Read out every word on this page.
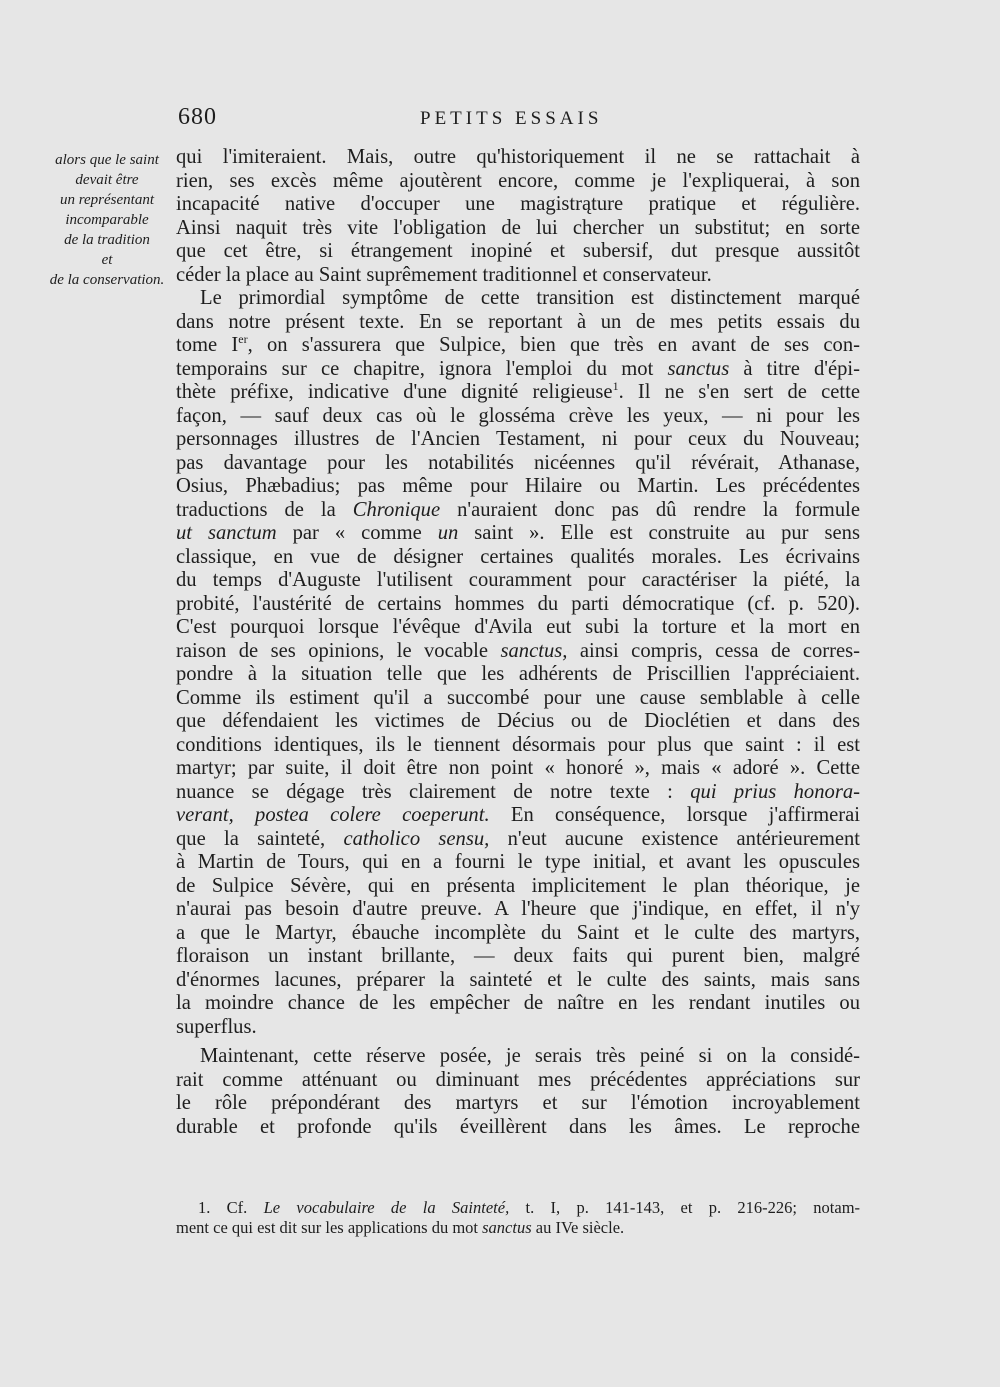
680	PETITS ESSAIS
alors que le saint
devait être
un représentant
incomparable
de la tradition
et
de la conservation.
qui l'imiteraient. Mais, outre qu'historiquement il ne se rattachait à
rien, ses excès même ajoutèrent encore, comme je l'expliquerai, à son
incapacité native d'occuper une magistrąture pratique et régulière.
Ainsi naquit très vite l'obligation de lui chercher un substitut; en sorte
que cet être, si étrangement inopiné et subersif, dut presque aussitôt
céder la place au Saint suprêmement traditionnel et conservateur.
Le primordial symptôme de cette transition est distinctement marqué
dans notre présent texte. En se reportant à un de mes petits essais du
tome Ier, on s'assurera que Sulpice, bien que très en avant de ses con-
temporains sur ce chapitre, ignora l'emploi du mot sanctus à titre d'épi-
thète préfixe, indicative d'une dignité religieuse$^1$. Il ne s'en sert de cette
façon, — sauf deux cas où le glosséma crève les yeux, — ni pour les
personnages illustres de l'Ancien Testament, ni pour ceux du Nouveau;
pas davantage pour les notabilités nicéennes qu'il révérait, Athanase,
Osius, Phæbadius; pas même pour Hilaire ou Martin. Les précédentes
traductions de la Chronique n'auraient donc pas dû rendre la formule
ut sanctum par « comme un saint ». Elle est construite au pur sens
classique, en vue de désigner certaines qualités morales. Les écrivains
du temps d'Auguste l'utilisent couramment pour caractériser la piété, la
probité, l'austérité de certains hommes du parti démocratique (cf. p. 520).
C'est pourquoi lorsque l'évêque d'Avila eut subi la torture et la mort en
raison de ses opinions, le vocable sanctus, ainsi compris, cessa de corres-
pondre à la situation telle que les adhérents de Priscillien l'appréciaient.
Comme ils estiment qu'il a succombé pour une cause semblable à celle
que défendaient les victimes de Décius ou de Dioclétien et dans des
conditions identiques, ils le tiennent désormais pour plus que saint : il est
martyr; par suite, il doit être non point « honoré », mais « adoré ». Cette
nuance se dégage très clairement de notre texte : qui prius honora-
verant, postea colere coeperunt. En conséquence, lorsque j'affirmerai
que la sainteté, catholico sensu, n'eut aucune existence antérieurement
à Martin de Tours, qui en a fourni le type initial, et avant les opuscules
de Sulpice Sévère, qui en présenta implicitement le plan théorique, je
n'aurai pas besoin d'autre preuve. A l'heure que j'indique, en effet, il n'y
a que le Martyr, ébauche incomplète du Saint et le culte des martyrs,
floraison un instant brillante, — deux faits qui purent bien, malgré
d'énormes lacunes, préparer la sainteté et le culte des saints, mais sans
la moindre chance de les empêcher de naître en les rendant inutiles ou
superflus.
Maintenant, cette réserve posée, je serais très peiné si on la considé-
rait comme atténuant ou diminuant mes précédentes appréciations sur
le rôle prépondérant des martyrs et sur l'émotion incroyablement
durable et profonde qu'ils éveillèrent dans les âmes. Le reproche
1. Cf. Le vocabulaire de la Sainteté, t. I, p. 141-143, et p. 216-226; notam-
ment ce qui est dit sur les applications du mot sanctus au IVe siècle.
